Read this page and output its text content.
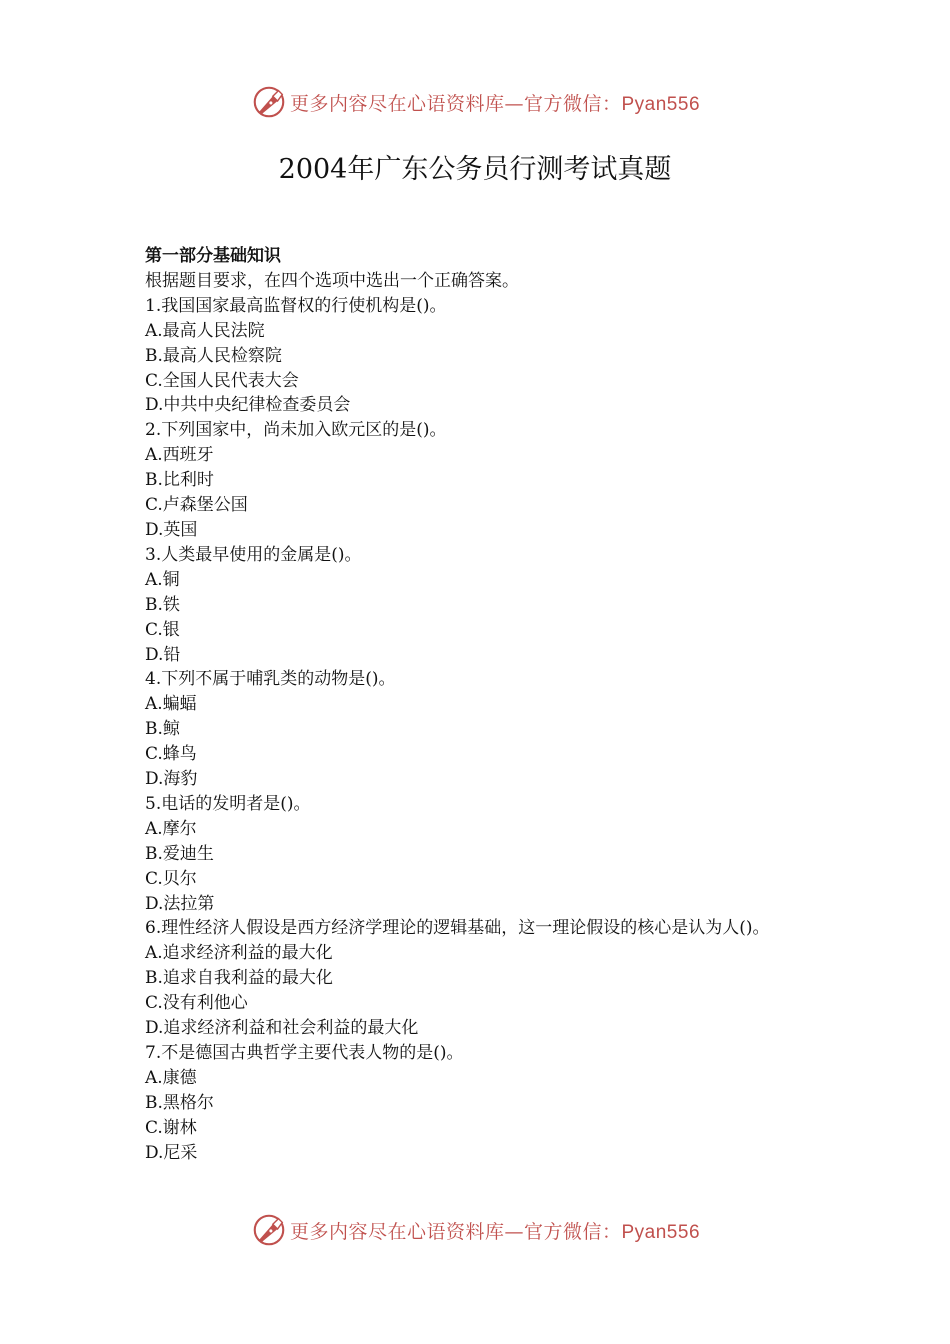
更多内容尽在心语资料库—官方微信：Pyan556
2004年广东公务员行测考试真题

第一部分基础知识

根据题目要求，在四个选项中选出一个正确答案。

1.我国国家最高监督权的行使机构是()。

A.最高人民法院

B.最高人民检察院

C.全国人民代表大会

D.中共中央纪律检查委员会

2.下列国家中，尚未加入欧元区的是()。

A.西班牙

B.比利时

C.卢森堡公国

D.英国

3.人类最早使用的金属是()。

A.铜

B.铁

C.银

D.铅

4.下列不属于哺乳类的动物是()。

A.蝙蝠

B.鲸

C.蜂鸟

D.海豹

5.电话的发明者是()。

A.摩尔

B.爱迪生

C.贝尔

D.法拉第

6.理性经济人假设是西方经济学理论的逻辑基础，这一理论假设的核心是认为人()。

A.追求经济利益的最大化

B.追求自我利益的最大化

C.没有利他心

D.追求经济利益和社会利益的最大化

7.不是德国古典哲学主要代表人物的是()。

A.康德

B.黑格尔

C.谢林

D.尼采

更多内容尽在心语资料库—官方微信：Pyan556
